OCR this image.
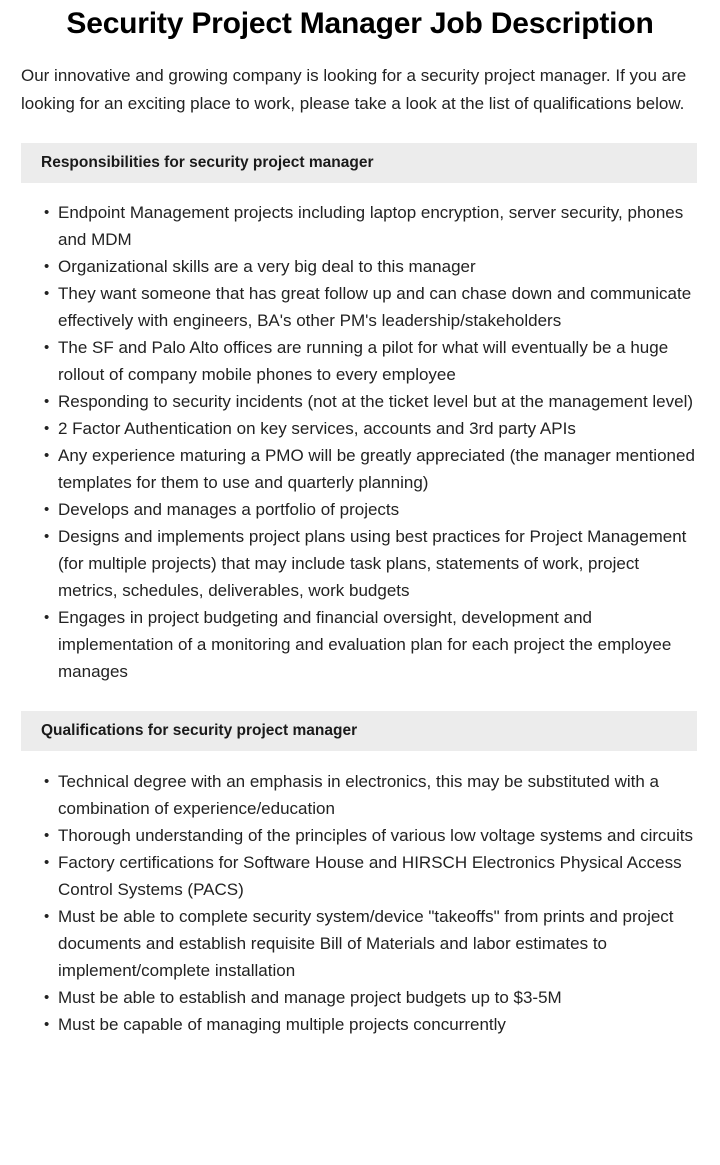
Security Project Manager Job Description

Our innovative and growing company is looking for a security project manager. If you are looking for an exciting place to work, please take a look at the list of qualifications below.

Responsibilities for security project manager
• Endpoint Management projects including laptop encryption, server security, phones and MDM
• Organizational skills are a very big deal to this manager
• They want someone that has great follow up and can chase down and communicate effectively with engineers, BA's other PM's leadership/stakeholders
• The SF and Palo Alto offices are running a pilot for what will eventually be a huge rollout of company mobile phones to every employee
• Responding to security incidents (not at the ticket level but at the management level)
• 2 Factor Authentication on key services, accounts and 3rd party APIs
• Any experience maturing a PMO will be greatly appreciated (the manager mentioned templates for them to use and quarterly planning)
• Develops and manages a portfolio of projects
• Designs and implements project plans using best practices for Project Management (for multiple projects) that may include task plans, statements of work, project metrics, schedules, deliverables, work budgets
• Engages in project budgeting and financial oversight, development and implementation of a monitoring and evaluation plan for each project the employee manages
Qualifications for security project manager
• Technical degree with an emphasis in electronics, this may be substituted with a combination of experience/education
• Thorough understanding of the principles of various low voltage systems and circuits
• Factory certifications for Software House and HIRSCH Electronics Physical Access Control Systems (PACS)
• Must be able to complete security system/device "takeoffs" from prints and project documents and establish requisite Bill of Materials and labor estimates to implement/complete installation
• Must be able to establish and manage project budgets up to $3-5M
• Must be capable of managing multiple projects concurrently
